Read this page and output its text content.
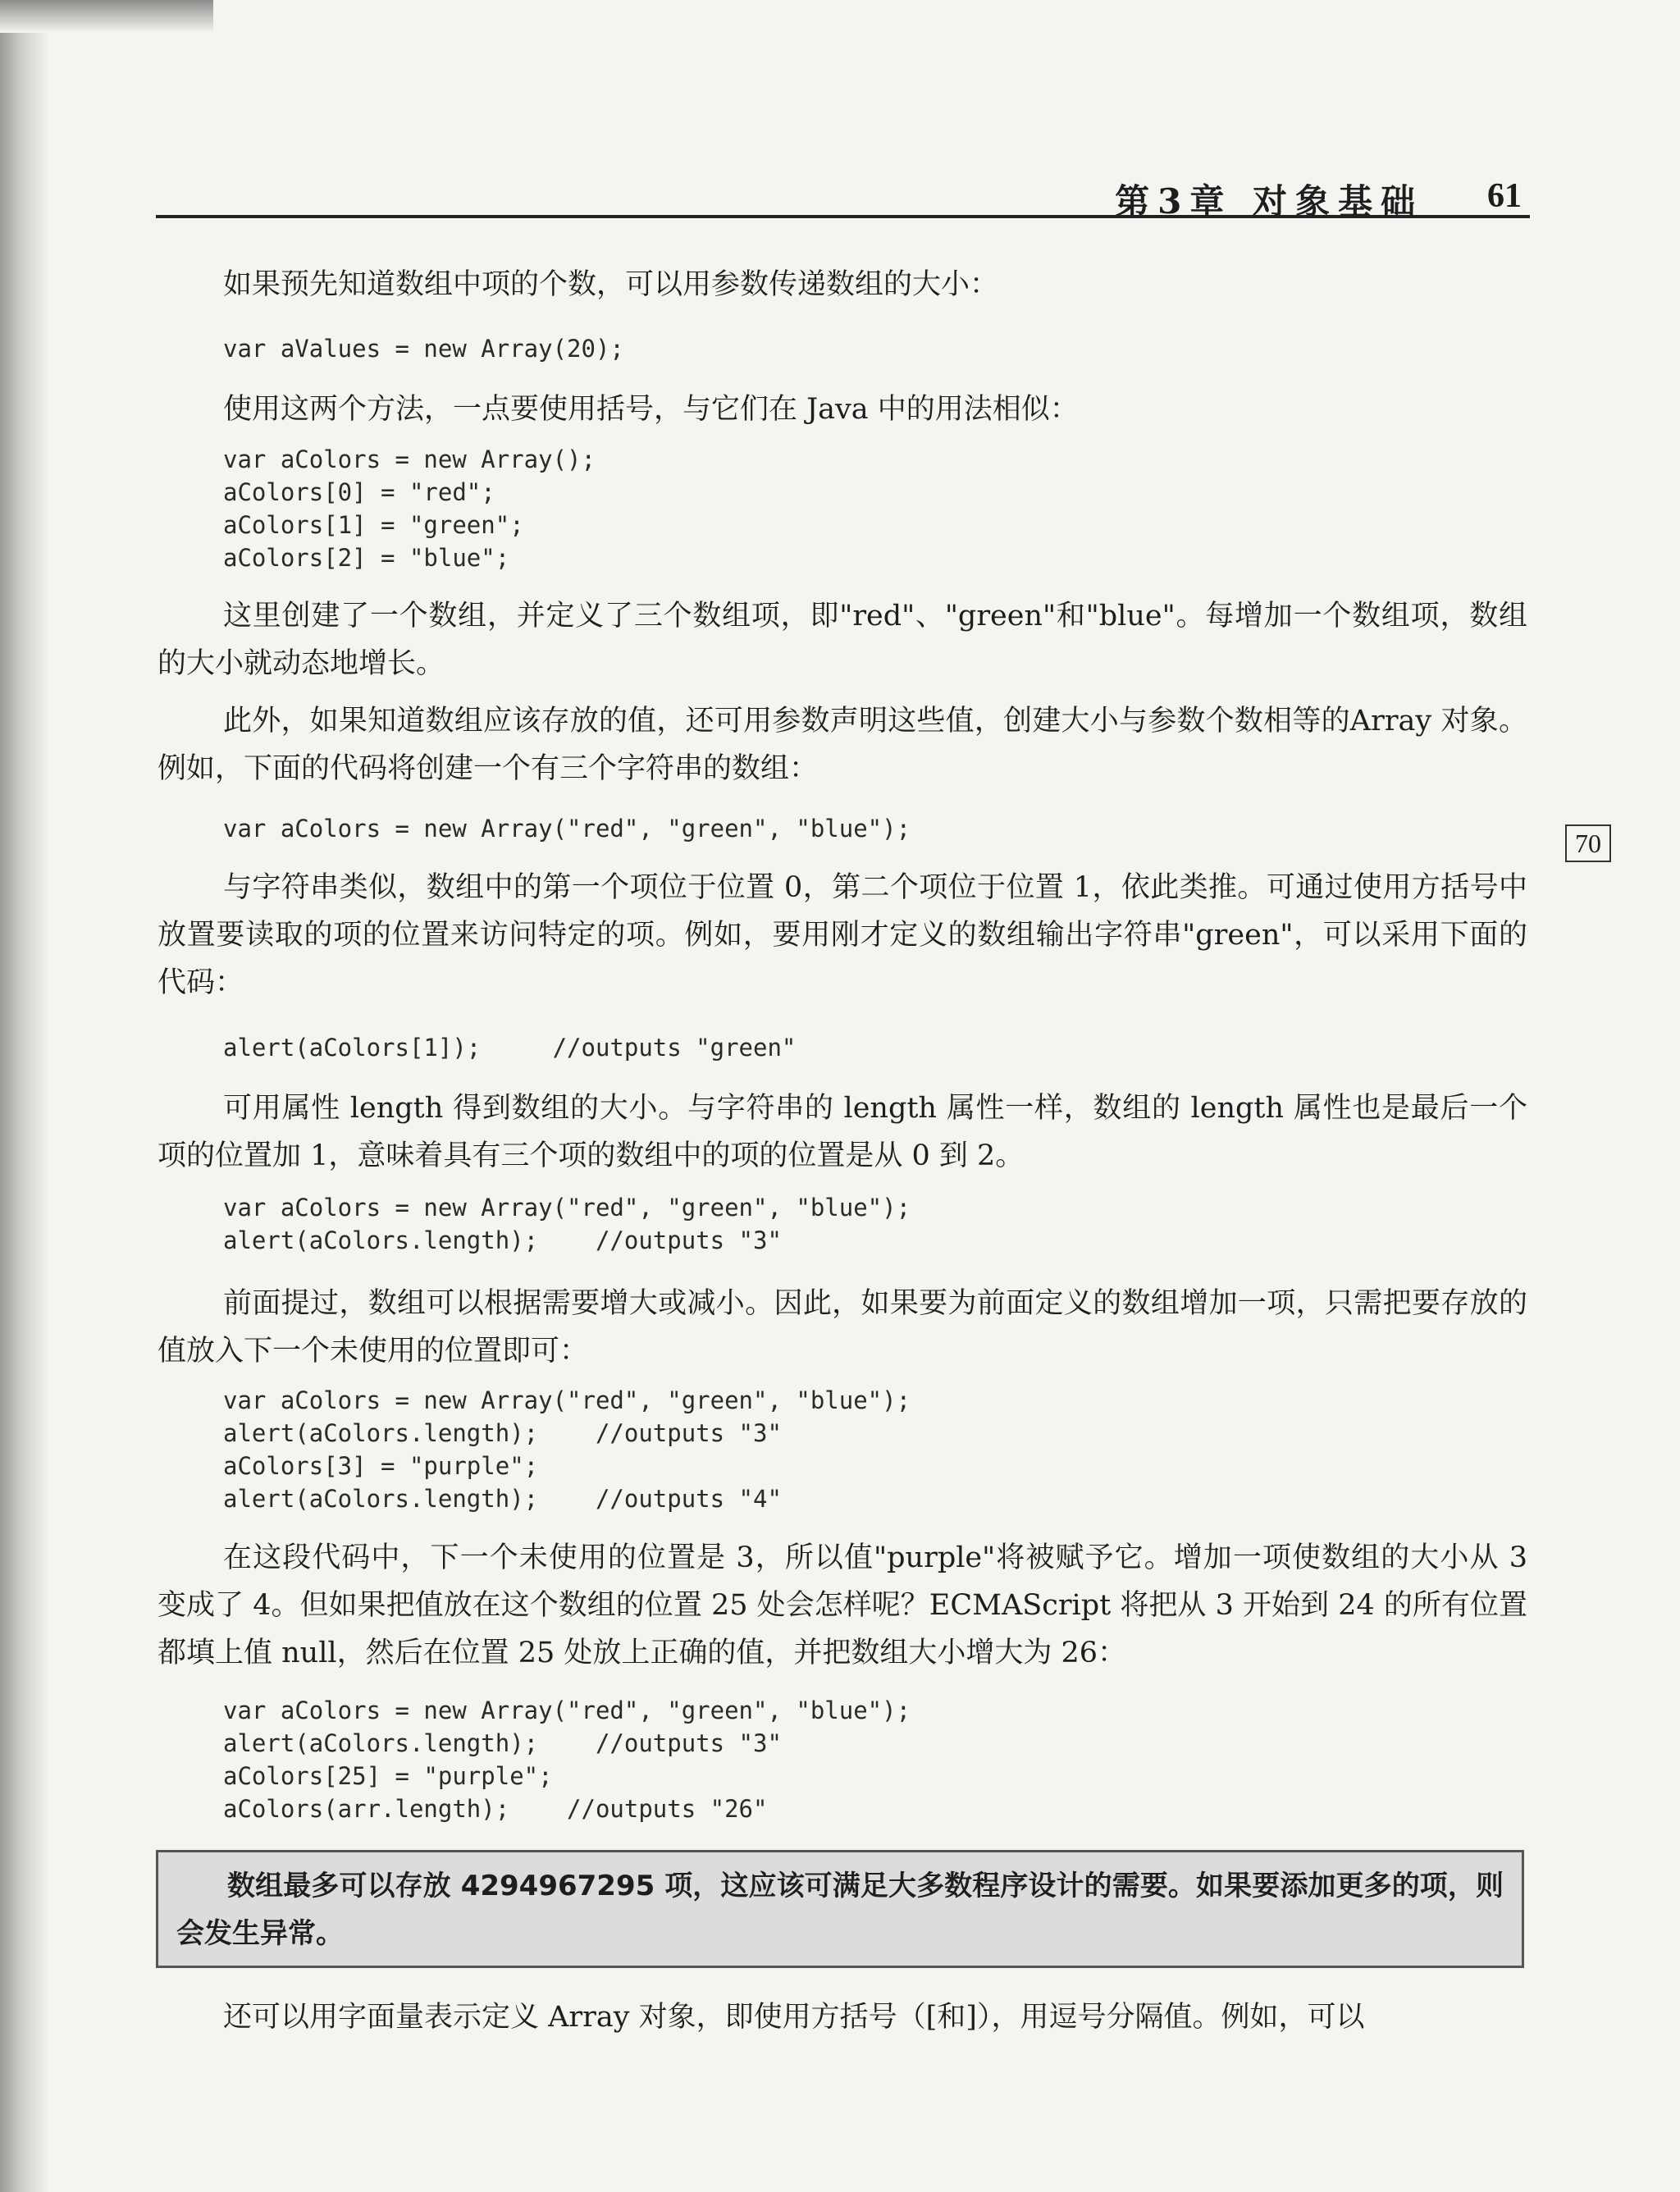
第3章 对象基础 61
70
如果预先知道数组中项的个数，可以用参数传递数组的大小：
var aValues = new Array(20);
使用这两个方法，一点要使用括号，与它们在 Java 中的用法相似：
var aColors = new Array();
aColors[0] = "red";
aColors[1] = "green";
aColors[2] = "blue";
这里创建了一个数组，并定义了三个数组项，即"red"、"green"和"blue"。每增加一个数组项，数组的大小就动态地增长。
此外，如果知道数组应该存放的值，还可用参数声明这些值，创建大小与参数个数相等的Array 对象。例如，下面的代码将创建一个有三个字符串的数组：
var aColors = new Array("red", "green", "blue");
与字符串类似，数组中的第一个项位于位置 0，第二个项位于位置 1，依此类推。可通过使用方括号中放置要读取的项的位置来访问特定的项。例如，要用刚才定义的数组输出字符串"green"，可以采用下面的代码：
alert(aColors[1]);     //outputs "green"
可用属性 length 得到数组的大小。与字符串的 length 属性一样，数组的 length 属性也是最后一个项的位置加 1，意味着具有三个项的数组中的项的位置是从 0 到 2。
var aColors = new Array("red", "green", "blue");
alert(aColors.length);    //outputs "3"
前面提过，数组可以根据需要增大或减小。因此，如果要为前面定义的数组增加一项，只需把要存放的值放入下一个未使用的位置即可：
var aColors = new Array("red", "green", "blue");
alert(aColors.length);    //outputs "3"
aColors[3] = "purple";
alert(aColors.length);    //outputs "4"
在这段代码中，下一个未使用的位置是 3，所以值"purple"将被赋予它。增加一项使数组的大小从 3 变成了 4。但如果把值放在这个数组的位置 25 处会怎样呢？ECMAScript 将把从 3 开始到 24 的所有位置都填上值 null，然后在位置 25 处放上正确的值，并把数组大小增大为 26：
var aColors = new Array("red", "green", "blue");
alert(aColors.length);    //outputs "3"
aColors[25] = "purple";
aColors(arr.length);    //outputs "26"
数组最多可以存放 4294967295 项，这应该可满足大多数程序设计的需要。如果要添加更多的项，则会发生异常。
还可以用字面量表示定义 Array 对象，即使用方括号（[和]），用逗号分隔值。例如，可以
